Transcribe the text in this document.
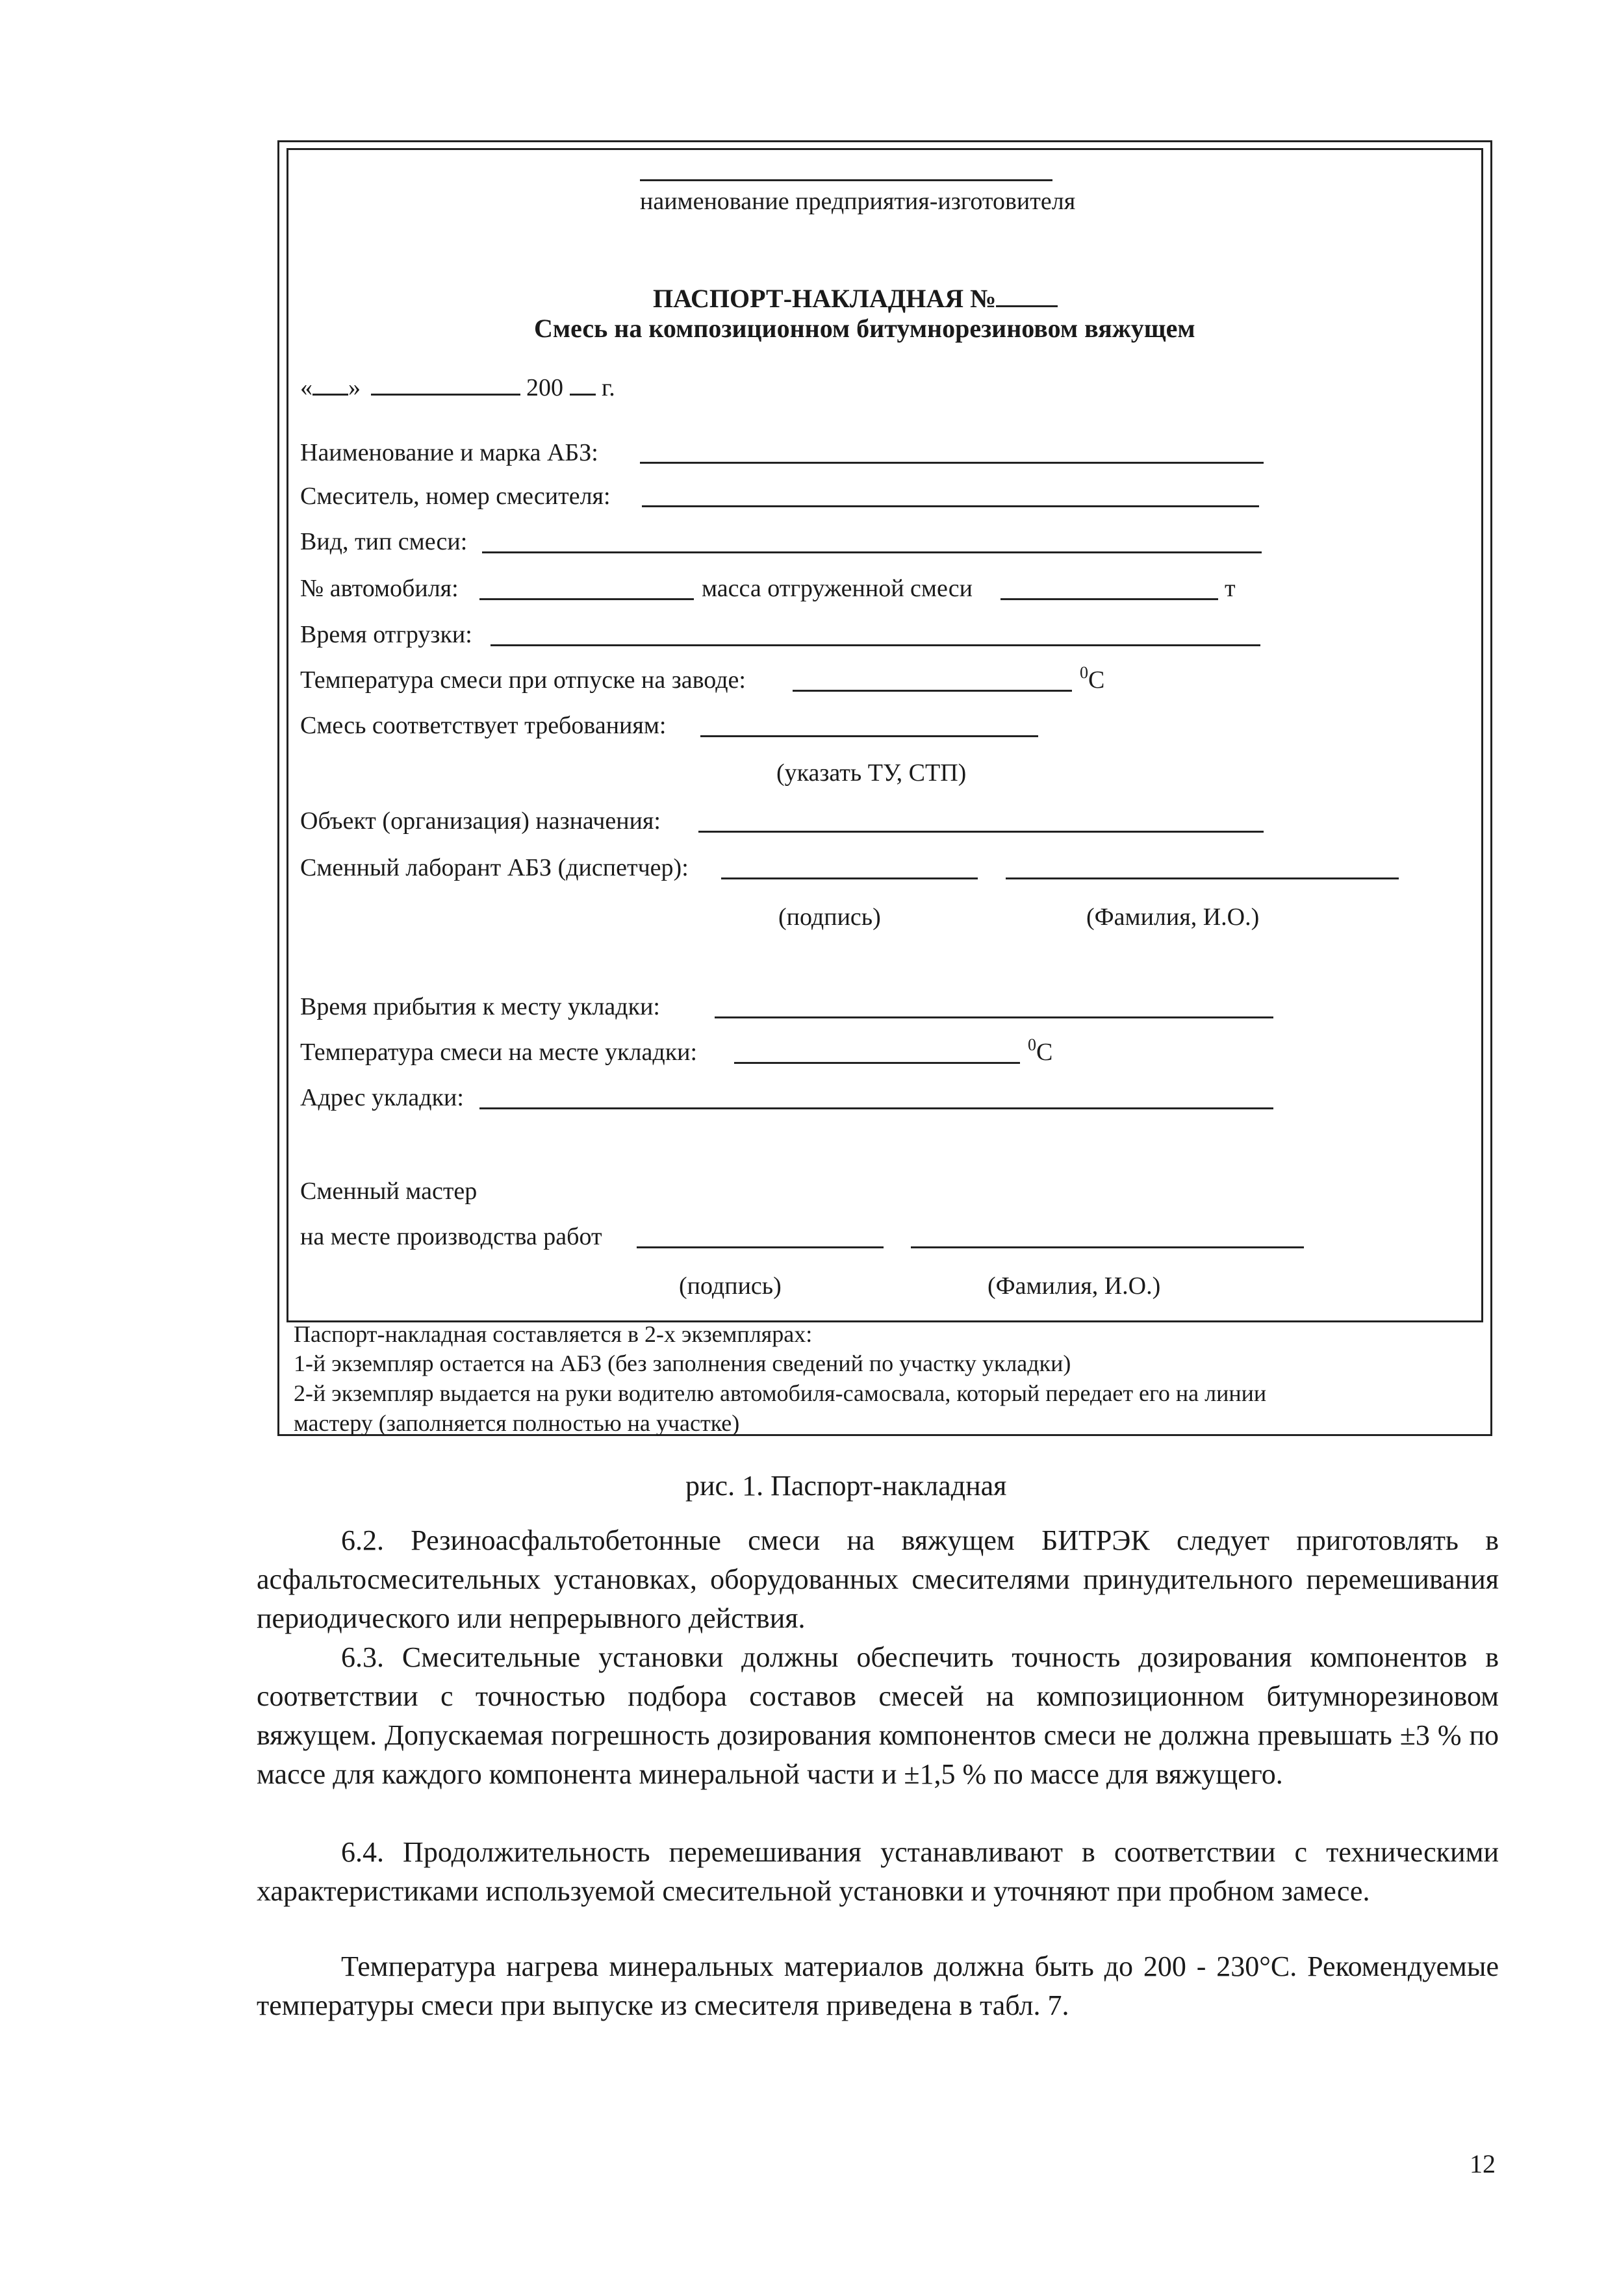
наименование предприятия-изготовителя
ПАСПОРТ-НАКЛАДНАЯ №
Смесь на композиционном битумнорезиновом вяжущем
« »	200 г.
Наименование и марка АБЗ:
Смеситель, номер смесителя:
Вид, тип смеси:
№ автомобиля:	масса отгруженной смеси	т
Время отгрузки:
Температура смеси при отпуске на заводе:	$^0$С
Смесь соответствует требованиям:
(указать ТУ, СТП)
Объект (организация) назначения:
Сменный лаборант АБЗ (диспетчер):
(подпись)	(Фамилия, И.О.)
Время прибытия к месту укладки:
Температура смеси на месте укладки:	$^0$С
Адрес укладки:
Сменный мастер
на месте производства работ
(подпись)	(Фамилия, И.О.)
Паспорт-накладная составляется в 2-х экземплярах:
1-й экземпляр остается на АБЗ (без заполнения сведений по участку укладки)
2-й экземпляр выдается на руки водителю автомобиля-самосвала, который передает его на линии
мастеру (заполняется полностью на участке)
рис. 1. Паспорт-накладная
6.2. Резиноасфальтобетонные смеси на вяжущем БИТРЭК следует приготовлять в асфальтосмесительных установках, оборудованных смесителями принудительного перемешивания периодического или непрерывного действия.
6.3. Смесительные установки должны обеспечить точность дозирования компонентов в соответствии с точностью подбора составов смесей на композиционном битумнорезиновом вяжущем. Допускаемая погрешность дозирования компонентов смеси не должна превышать ±3 % по массе для каждого компонента минеральной части и ±1,5 % по массе для вяжущего.
6.4. Продолжительность перемешивания устанавливают в соответствии с техническими характеристиками используемой смесительной установки и уточняют при пробном замесе.
Температура нагрева минеральных материалов должна быть до 200 - 230°С. Рекомендуемые температуры смеси при выпуске из смесителя приведена в табл. 7.
12
